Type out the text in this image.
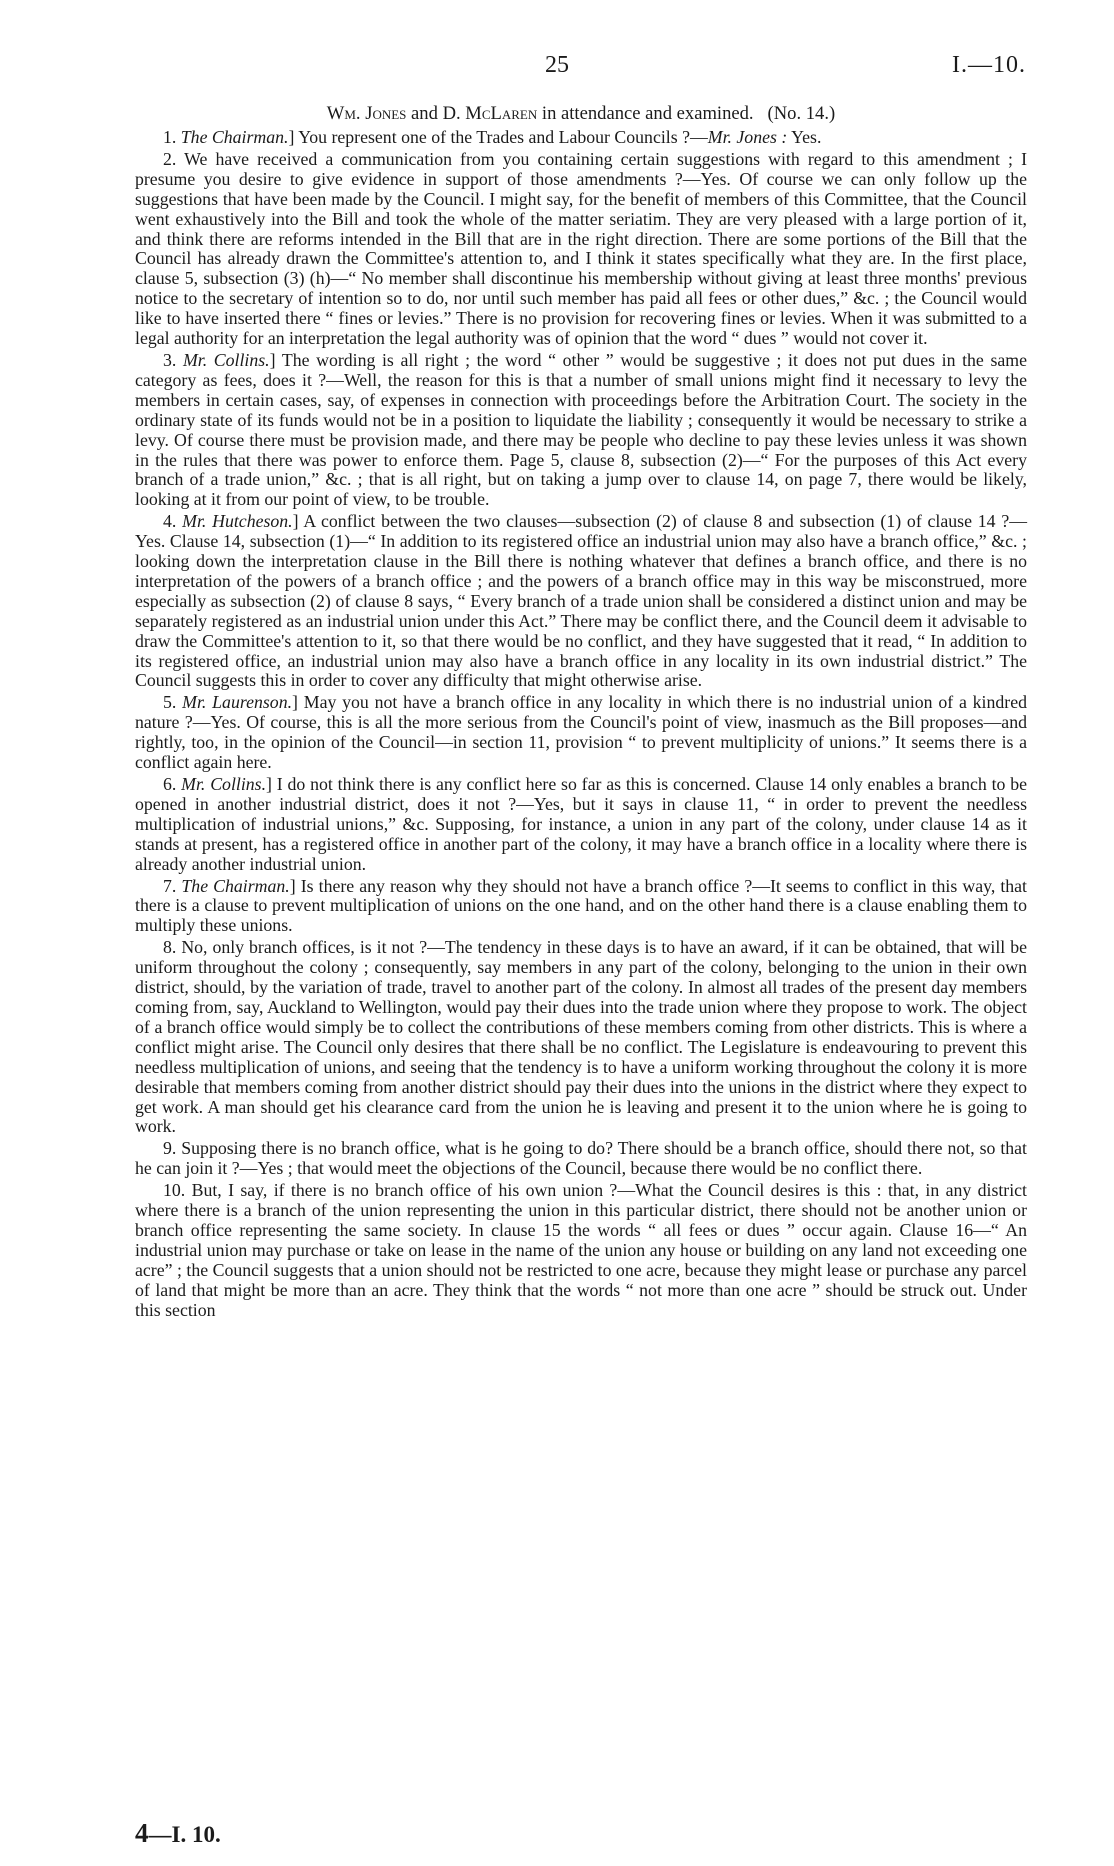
25	I.—10.
Wm. Jones and D. McLaren in attendance and examined. (No. 14.)

1. The Chairman.] You represent one of the Trades and Labour Councils ?—Mr. Jones : Yes.

2. We have received a communication from you containing certain suggestions with regard to this amendment ; I presume you desire to give evidence in support of those amendments ?—Yes. Of course we can only follow up the suggestions that have been made by the Council. I might say, for the benefit of members of this Committee, that the Council went exhaustively into the Bill and took the whole of the matter seriatim. They are very pleased with a large portion of it, and think there are reforms intended in the Bill that are in the right direction. There are some portions of the Bill that the Council has already drawn the Committee's attention to, and I think it states specifically what they are. In the first place, clause 5, subsection (3) (h)—“ No member shall discontinue his membership without giving at least three months' previous notice to the secretary of intention so to do, nor until such member has paid all fees or other dues,” &c. ; the Council would like to have inserted there “ fines or levies.” There is no provision for recovering fines or levies. When it was submitted to a legal authority for an interpretation the legal authority was of opinion that the word “ dues ” would not cover it.

3. Mr. Collins.] The wording is all right ; the word “ other ” would be suggestive ; it does not put dues in the same category as fees, does it ?—Well, the reason for this is that a number of small unions might find it necessary to levy the members in certain cases, say, of expenses in connection with proceedings before the Arbitration Court. The society in the ordinary state of its funds would not be in a position to liquidate the liability ; consequently it would be necessary to strike a levy. Of course there must be provision made, and there may be people who decline to pay these levies unless it was shown in the rules that there was power to enforce them. Page 5, clause 8, subsection (2)—“ For the purposes of this Act every branch of a trade union,” &c. ; that is all right, but on taking a jump over to clause 14, on page 7, there would be likely, looking at it from our point of view, to be trouble.

4. Mr. Hutcheson.] A conflict between the two clauses—subsection (2) of clause 8 and subsection (1) of clause 14 ?—Yes. Clause 14, subsection (1)—“ In addition to its registered office an industrial union may also have a branch office,” &c. ; looking down the interpretation clause in the Bill there is nothing whatever that defines a branch office, and there is no interpretation of the powers of a branch office ; and the powers of a branch office may in this way be misconstrued, more especially as subsection (2) of clause 8 says, “ Every branch of a trade union shall be considered a distinct union and may be separately registered as an industrial union under this Act.” There may be conflict there, and the Council deem it advisable to draw the Committee's attention to it, so that there would be no conflict, and they have suggested that it read, “ In addition to its registered office, an industrial union may also have a branch office in any locality in its own industrial district.” The Council suggests this in order to cover any difficulty that might otherwise arise.

5. Mr. Laurenson.] May you not have a branch office in any locality in which there is no industrial union of a kindred nature ?—Yes. Of course, this is all the more serious from the Council's point of view, inasmuch as the Bill proposes—and rightly, too, in the opinion of the Council—in section 11, provision “ to prevent multiplicity of unions.” It seems there is a conflict again here.

6. Mr. Collins.] I do not think there is any conflict here so far as this is concerned. Clause 14 only enables a branch to be opened in another industrial district, does it not ?—Yes, but it says in clause 11, “ in order to prevent the needless multiplication of industrial unions,” &c. Supposing, for instance, a union in any part of the colony, under clause 14 as it stands at present, has a registered office in another part of the colony, it may have a branch office in a locality where there is already another industrial union.

7. The Chairman.] Is there any reason why they should not have a branch office ?—It seems to conflict in this way, that there is a clause to prevent multiplication of unions on the one hand, and on the other hand there is a clause enabling them to multiply these unions.

8. No, only branch offices, is it not ?—The tendency in these days is to have an award, if it can be obtained, that will be uniform throughout the colony ; consequently, say members in any part of the colony, belonging to the union in their own district, should, by the variation of trade, travel to another part of the colony. In almost all trades of the present day members coming from, say, Auckland to Wellington, would pay their dues into the trade union where they propose to work. The object of a branch office would simply be to collect the contributions of these members coming from other districts. This is where a conflict might arise. The Council only desires that there shall be no conflict. The Legislature is endeavouring to prevent this needless multiplication of unions, and seeing that the tendency is to have a uniform working throughout the colony it is more desirable that members coming from another district should pay their dues into the unions in the district where they expect to get work. A man should get his clearance card from the union he is leaving and present it to the union where he is going to work.

9. Supposing there is no branch office, what is he going to do? There should be a branch office, should there not, so that he can join it ?—Yes ; that would meet the objections of the Council, because there would be no conflict there.

10. But, I say, if there is no branch office of his own union ?—What the Council desires is this : that, in any district where there is a branch of the union representing the union in this particular district, there should not be another union or branch office representing the same society. In clause 15 the words “ all fees or dues ” occur again. Clause 16—“ An industrial union may purchase or take on lease in the name of the union any house or building on any land not exceeding one acre” ; the Council suggests that a union should not be restricted to one acre, because they might lease or purchase any parcel of land that might be more than an acre. They think that the words “ not more than one acre ” should be struck out. Under this section

4—I. 10.
